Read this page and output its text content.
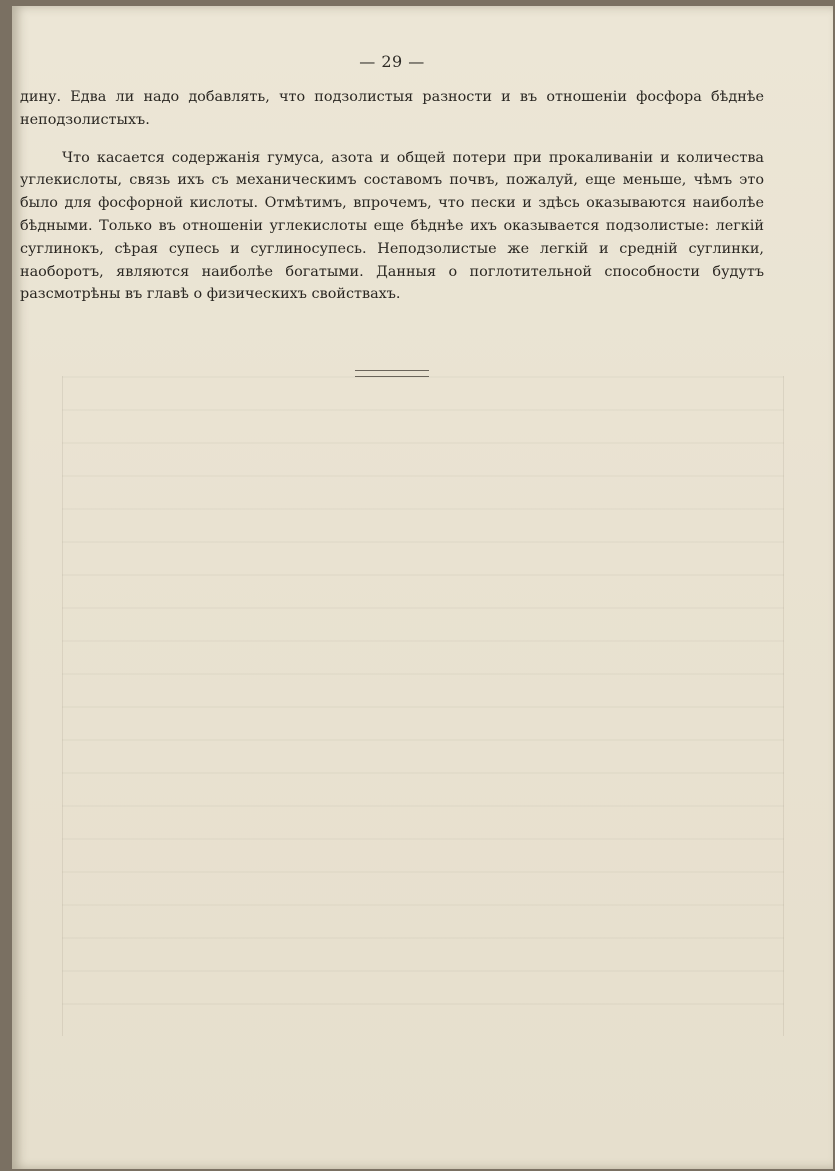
— 29 —

дину. Едва ли надо добавлять, что подзолистыя разности и въ отношенiи фосфора бѣднѣе неподзолистыхъ.

Что касается содержанiя гумуса, азота и общей потери при прокаливанiи и количества углекислоты, связь ихъ съ механическимъ составомъ почвъ, пожалуй, еще меньше, чѣмъ это было для фосфорной кислоты. Отмѣтимъ, впрочемъ, что пески и здѣсь оказываются наиболѣе бѣдными. Только въ отношенiи углекислоты еще бѣднѣе ихъ оказывается подзолистые: легкiй суглинокъ, сѣрая супесь и суглиносупесь. Неподзолистые же легкiй и среднiй суглинки, наоборотъ, являются наиболѣе богатыми. Данныя о поглотительной способности будутъ разсмотрѣны въ главѣ о физическихъ свойствахъ.
